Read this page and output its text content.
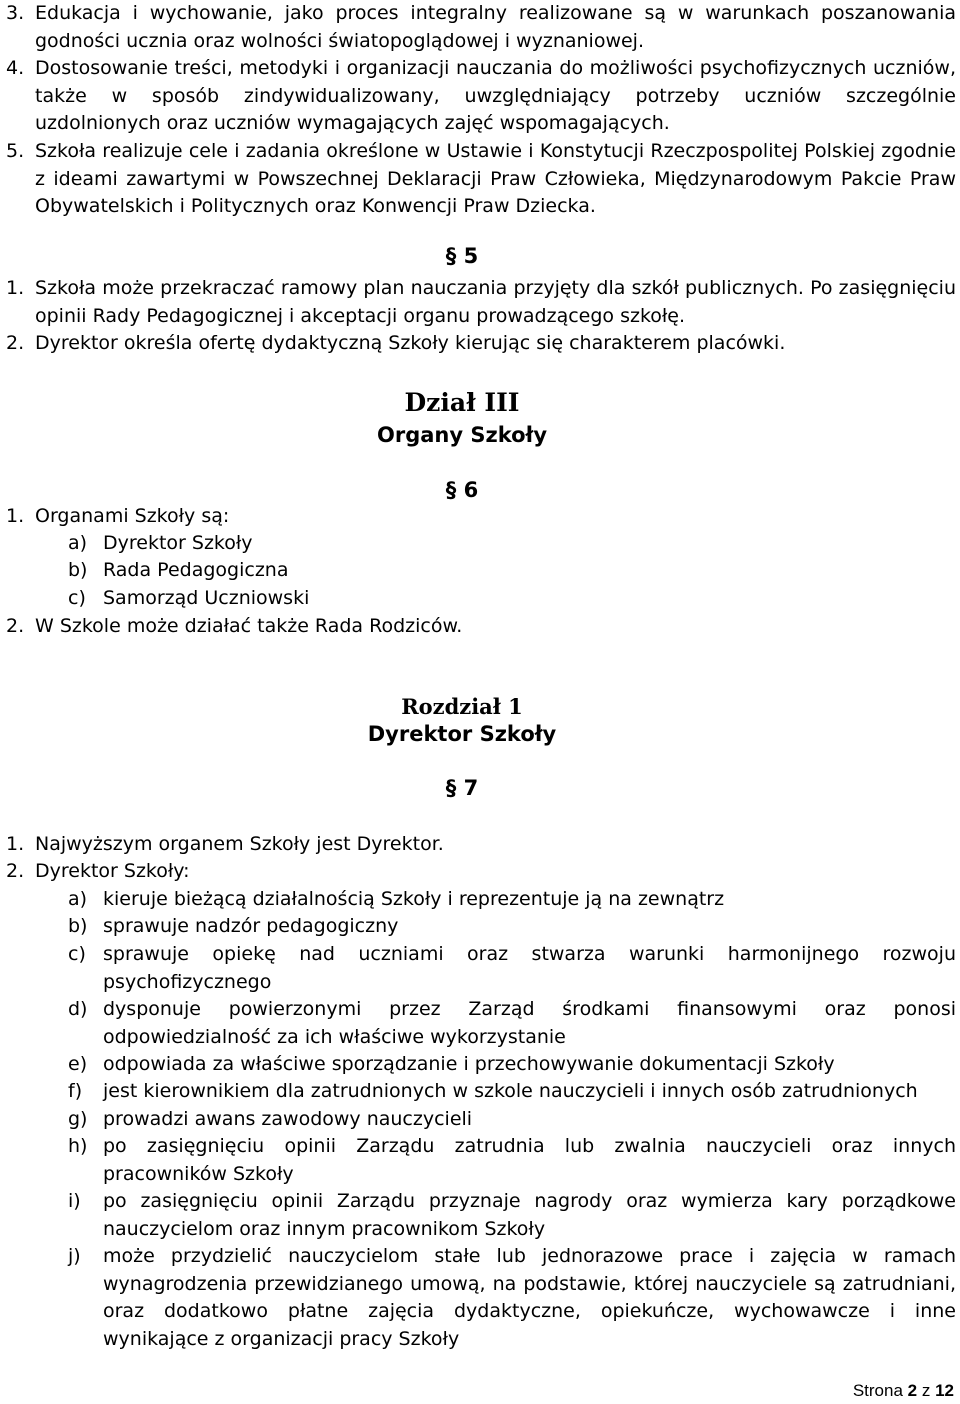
3. Edukacja i wychowanie, jako proces integralny realizowane są w warunkach poszanowania godności ucznia oraz wolności światopoglądowej i wyznaniowej.
4. Dostosowanie treści, metodyki i organizacji nauczania do możliwości psychofizycznych uczniów, także w sposób zindywidualizowany, uwzględniający potrzeby uczniów szczególnie uzdolnionych oraz uczniów wymagających zajęć wspomagających.
5. Szkoła realizuje cele i zadania określone w Ustawie i Konstytucji Rzeczpospolitej Polskiej zgodnie z ideami zawartymi w Powszechnej Deklaracji Praw Człowieka, Międzynarodowym Pakcie Praw Obywatelskich i Politycznych oraz Konwencji Praw Dziecka.
§ 5
1. Szkoła może przekraczać ramowy plan nauczania przyjęty dla szkół publicznych. Po zasięgnięciu opinii Rady Pedagogicznej i akceptacji organu prowadzącego szkołę.
2. Dyrektor określa ofertę dydaktyczną Szkoły kierując się charakterem placówki.
Dział III
Organy Szkoły
§ 6
1. Organami Szkoły są:
a) Dyrektor Szkoły
b) Rada Pedagogiczna
c) Samorząd Uczniowski
2. W Szkole może działać także Rada Rodziców.
Rozdział 1
Dyrektor Szkoły
§ 7
1. Najwyższym organem Szkoły jest Dyrektor.
2. Dyrektor Szkoły:
a) kieruje bieżącą działalnością Szkoły i reprezentuje ją na zewnątrz
b) sprawuje nadzór pedagogiczny
c) sprawuje opiekę nad uczniami oraz stwarza warunki harmonijnego rozwoju psychofizycznego
d) dysponuje powierzonymi przez Zarząd środkami finansowymi oraz ponosi odpowiedzialność za ich właściwe wykorzystanie
e) odpowiada za właściwe sporządzanie i przechowywanie dokumentacji Szkoły
f)	jest kierownikiem dla zatrudnionych w szkole nauczycieli i innych osób zatrudnionych
g) prowadzi awans zawodowy nauczycieli
h) po zasięgnięciu opinii Zarządu zatrudnia lub zwalnia nauczycieli oraz innych pracowników Szkoły
i)	po zasięgnięciu opinii Zarządu przyznaje nagrody oraz wymierza kary porządkowe nauczycielom oraz innym pracownikom Szkoły
j)	może przydzielić nauczycielom stałe lub jednorazowe prace i zajęcia w ramach wynagrodzenia przewidzianego umową, na podstawie, której nauczyciele są zatrudniani, oraz dodatkowo płatne zajęcia dydaktyczne, opiekuńcze, wychowawcze i inne wynikające z organizacji pracy Szkoły
Strona 2 z 12
